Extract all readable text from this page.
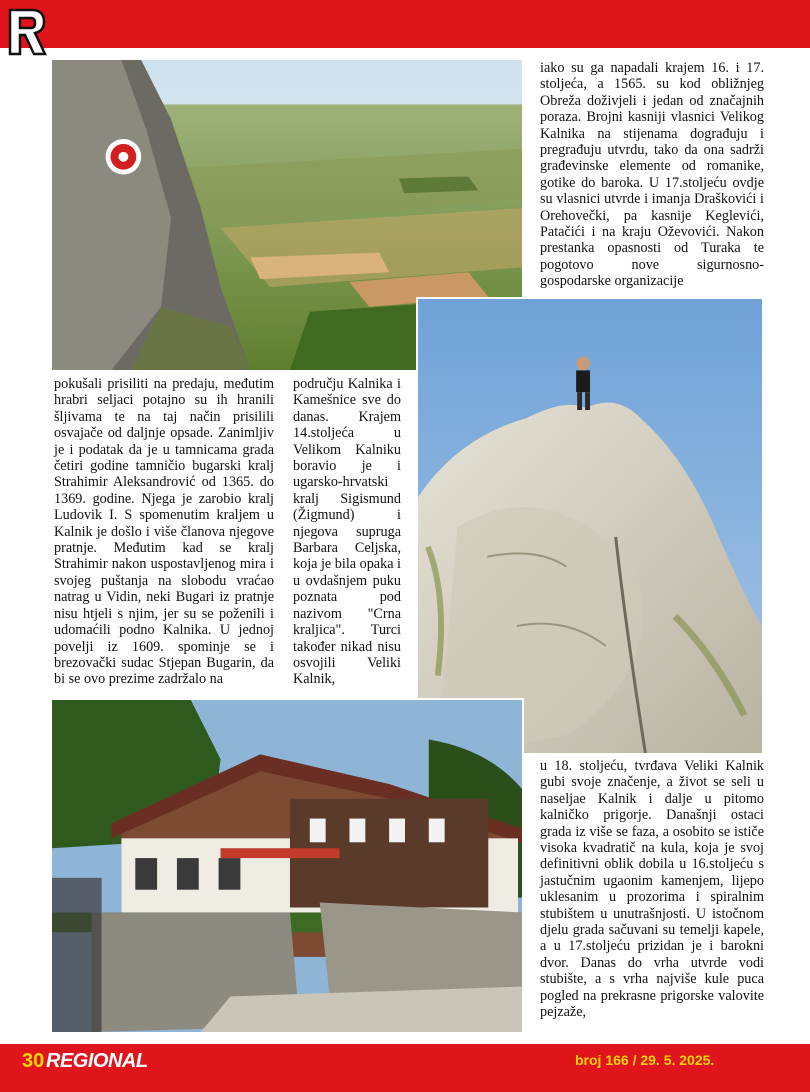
iako su ga napadali krajem 16. i 17. stoljeća, a 1565. su kod obližnjeg Obreža doživjeli i jedan od značajnih poraza. Brojni kasniji vlasnici Velikog Kalnika na stijenama dograđuju i pregrađuju utvrdu, tako da ona sadrži građevinske elemente od romanike, gotike do baroka. U 17.stoljeću ovdje su vlasnici utvrde i imanja Draškovići i Orehovečki, pa kasnije Keglevići, Patačići i na kraju Oževovići. Nakon prestanka opasnosti od Turaka te pogotovo nove sigurnosno-gospodarske organizacije

pokušali prisiliti na predaju, međutim hrabri seljaci potajno su ih hranili šljivama te na taj način prisilili osvajače od daljnje opsade. Zanimljiv je i podatak da je u tamnicama grada četiri godine tamničio bugarski kralj Strahimir Aleksandrović od 1365. do 1369. godine. Njega je zarobio kralj Ludovik I. S spomenutim kraljem u Kalnik je došlo i više članova njegove pratnje. Međutim kad se kralj Strahimir nakon uspostavljenog mira i svojeg puštanja na slobodu vraćao natrag u Vidin, neki Bugari iz pratnje nisu htjeli s njim, jer su se poženili i udomaćili podno Kalnika. U jednoj povelji iz 1609. spominje se i brezovački sudac Stjepan Bugarin, da bi se ovo prezime zadržalo na

području Kalnika i Kamešnice sve do danas. Krajem 14.stoljeća u Velikom Kalniku boravio je i ugarsko-hrvatski kralj Sigismund (Žigmund) i njegova supruga Barbara Celjska, koja je bila opaka i u ovdašnjem puku poznata pod nazivom "Crna kraljica". Turci također nikad nisu osvojili Veliki Kalnik,

u 18. stoljeću, tvrđava Veliki Kalnik gubi svoje značenje, a život se seli u naseljae Kalnik i dalje u pitomo kalničko prigorje. Današnji ostaci grada iz više se faza, a osobito se ističe visoka kvadratič na kula, koja je svoj definitivni oblik dobila u 16.stoljeću s jastučnim ugaonim kamenjem, lijepo uklesanim u prozorima i spiralnim stubištem u unutrašnjosti. U istočnom djelu grada sačuvani su temelji kapele, a u 17.stoljeću prizidan je i barokni dvor. Danas do vrha utvrde vodi stubište, a s vrha najviše kule puca pogled na prekrasne prigorske valovite pejzaže,

30 REGIONAL	broj 166 / 29. 5. 2025.
